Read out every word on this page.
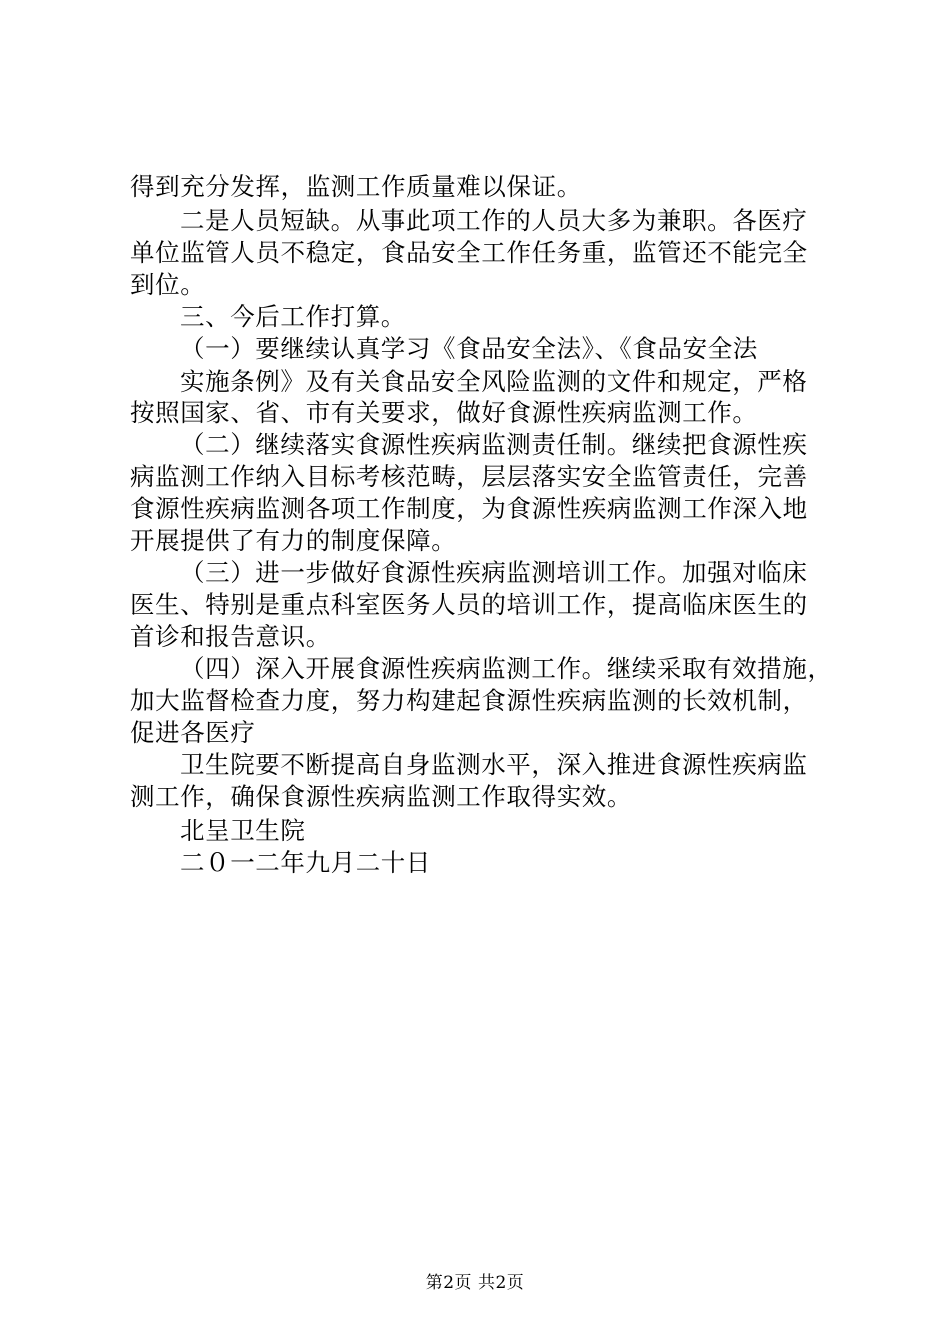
得到充分发挥，监测工作质量难以保证。
二是人员短缺。从事此项工作的人员大多为兼职。各医疗
单位监管人员不稳定，食品安全工作任务重，监管还不能完全
到位。
三、今后工作打算。
（一）要继续认真学习《食品安全法》、《食品安全法
实施条例》及有关食品安全风险监测的文件和规定，严格
按照国家、省、市有关要求，做好食源性疾病监测工作。
（二）继续落实食源性疾病监测责任制。继续把食源性疾
病监测工作纳入目标考核范畴，层层落实安全监管责任，完善
食源性疾病监测各项工作制度，为食源性疾病监测工作深入地
开展提供了有力的制度保障。
（三）进一步做好食源性疾病监测培训工作。加强对临床
医生、特别是重点科室医务人员的培训工作，提高临床医生的
首诊和报告意识。
（四）深入开展食源性疾病监测工作。继续采取有效措施，
加大监督检查力度，努力构建起食源性疾病监测的长效机制，
促进各医疗
卫生院要不断提高自身监测水平，深入推进食源性疾病监
测工作，确保食源性疾病监测工作取得实效。
北呈卫生院
二０一二年九月二十日
第2页 共2页
